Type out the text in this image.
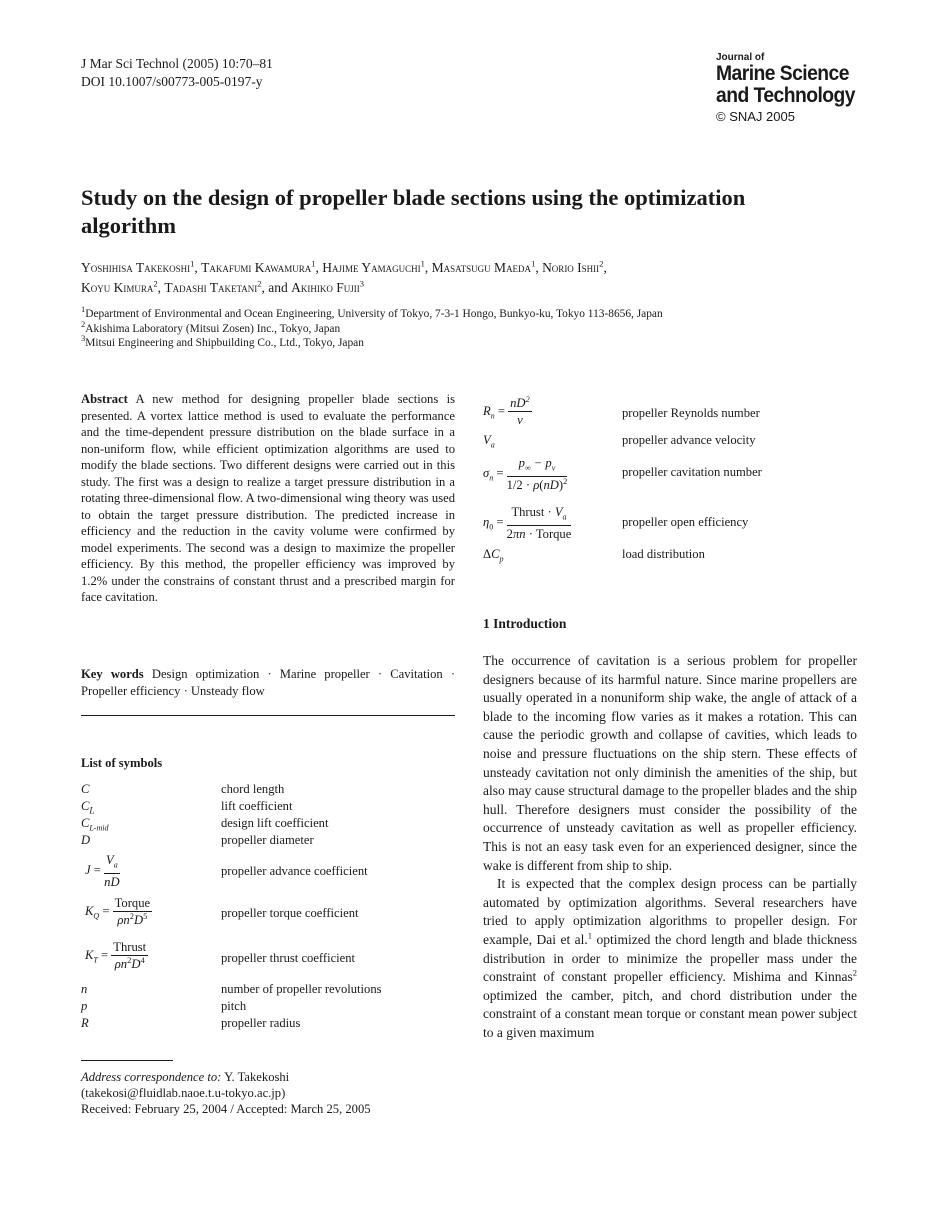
J Mar Sci Technol (2005) 10:70–81
DOI 10.1007/s00773-005-0197-y
Journal of
Marine Science
and Technology
© SNAJ 2005
Study on the design of propeller blade sections using the optimization algorithm
Yoshihisa Takekoshi$^1$, Takafumi Kawamura$^1$, Hajime Yamaguchi$^1$, Masatsugu Maeda$^1$, Norio Ishii$^2$,
Koyu Kimura$^2$, Tadashi Taketani$^2$, and Akihiko Fujii$^3$
$^1$Department of Environmental and Ocean Engineering, University of Tokyo, 7-3-1 Hongo, Bunkyo-ku, Tokyo 113-8656, Japan
$^2$Akishima Laboratory (Mitsui Zosen) Inc., Tokyo, Japan
$^3$Mitsui Engineering and Shipbuilding Co., Ltd., Tokyo, Japan
Abstract A new method for designing propeller blade sections is presented. A vortex lattice method is used to evaluate the performance and the time-dependent pressure distribution on the blade surface in a non-uniform flow, while efficient optimization algorithms are used to modify the blade sections. Two different designs were carried out in this study. The first was a design to realize a target pressure distribution in a rotating three-dimensional flow. A two-dimensional wing theory was used to obtain the target pressure distribution. The predicted increase in efficiency and the reduction in the cavity volume were confirmed by model experiments. The second was a design to maximize the propeller efficiency. By this method, the propeller efficiency was improved by 1.2% under the constrains of constant thrust and a prescribed margin for face cavitation.
Key words Design optimization · Marine propeller · Cavitation · Propeller efficiency · Unsteady flow
List of symbols
C	chord length
$C_L$	lift coefficient
$C_{L-mid}$	design lift coefficient
D	propeller diameter
$J = \frac{V_a}{nD}$	propeller advance coefficient
$K_Q = \frac{\text{Torque}}{\rho n^2D^5}$	propeller torque coefficient
$K_T = \frac{\text{Thrust}}{\rho n^2D^4}$	propeller thrust coefficient
n	number of propeller revolutions
p	pitch
R	propeller radius
Address correspondence to: Y. Takekoshi
(takekosi@fluidlab.naoe.t.u-tokyo.ac.jp)
Received: February 25, 2004 / Accepted: March 25, 2005
$R_n = \frac{nD^2}{\nu}$	propeller Reynolds number
$V_a$	propeller advance velocity
$\sigma_n = \frac{p_\infty - p_v}{1/2 \cdot \rho(nD)^2}$	propeller cavitation number
$\eta_0 = \frac{Thrust \cdot V_a}{\text{2πn · Torque}}$	propeller open efficiency
$\Delta C_p$	load distribution
1 Introduction

The occurrence of cavitation is a serious problem for propeller designers because of its harmful nature. Since marine propellers are usually operated in a nonuniform ship wake, the angle of attack of a blade to the incoming flow varies as it makes a rotation. This can cause the periodic growth and collapse of cavities, which leads to noise and pressure fluctuations on the ship stern. These effects of unsteady cavitation not only diminish the amenities of the ship, but also may cause structural damage to the propeller blades and the ship hull. Therefore designers must consider the possibility of the occurrence of unsteady cavitation as well as propeller efficiency. This is not an easy task even for an experienced designer, since the wake is different from ship to ship.

It is expected that the complex design process can be partially automated by optimization algorithms. Several researchers have tried to apply optimization algorithms to propeller design. For example, Dai et al.$^1$ optimized the chord length and blade thickness distribution in order to minimize the propeller mass under the constraint of constant propeller efficiency. Mishima and Kinnas$^2$ optimized the camber, pitch, and chord distribution under the constraint of a constant mean torque or constant mean power subject to a given maximum
